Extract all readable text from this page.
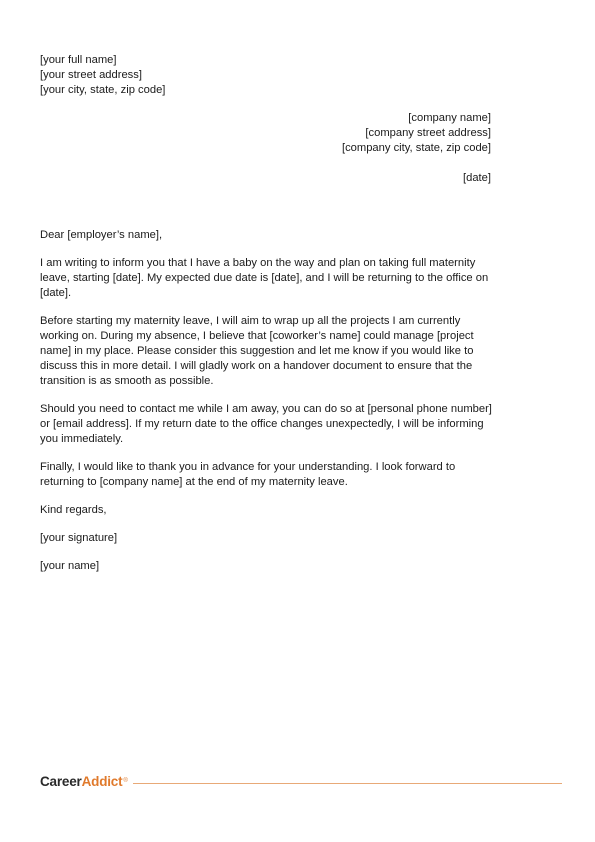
[your full name]
[your street address]
[your city, state, zip code]
[company name]
[company street address]
[company city, state, zip code]
[date]

Dear [employer’s name],

I am writing to inform you that I have a baby on the way and plan on taking full maternity
leave, starting [date]. My expected due date is [date], and I will be returning to the office on
[date].

Before starting my maternity leave, I will aim to wrap up all the projects I am currently
working on. During my absence, I believe that [coworker’s name] could manage [project
name] in my place. Please consider this suggestion and let me know if you would like to
discuss this in more detail. I will gladly work on a handover document to ensure that the
transition is as smooth as possible.

Should you need to contact me while I am away, you can do so at [personal phone number]
or [email address]. If my return date to the office changes unexpectedly, I will be informing
you immediately.

Finally, I would like to thank you in advance for your understanding. I look forward to
returning to [company name] at the end of my maternity leave.

Kind regards,

[your signature]

[your name]

CareerAddict®
